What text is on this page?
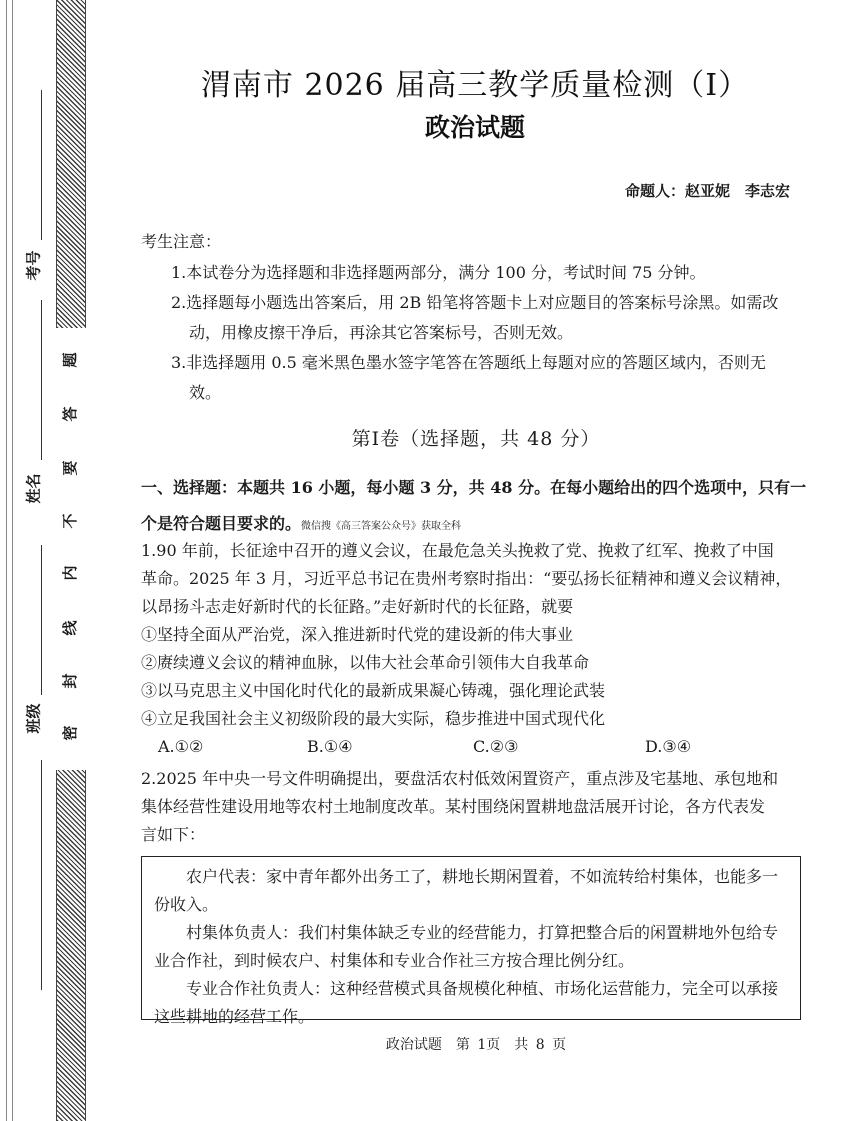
题
答
要
不
内
线
封
密
考号
姓名
班级
渭南市 2026 届高三教学质量检测（Ⅰ）
政治试题
命题人：赵亚妮　李志宏
考生注意：

1.本试卷分为选择题和非选择题两部分，满分 100 分，考试时间 75 分钟。

2.选择题每小题选出答案后，用 2B 铅笔将答题卡上对应题目的答案标号涂黑。如需改

动，用橡皮擦干净后，再涂其它答案标号，否则无效。

3.非选择题用 0.5 毫米黑色墨水签字笔答在答题纸上每题对应的答题区域内，否则无

效。

第Ⅰ卷（选择题，共 48 分）
一、选择题：本题共 16 小题，每小题 3 分，共 48 分。在每小题给出的四个选项中，只有一
个是符合题目要求的。微信搜《高三答案公众号》获取全科
1.90 年前，长征途中召开的遵义会议，在最危急关头挽救了党、挽救了红军、挽救了中国
革命。2025 年 3 月，习近平总书记在贵州考察时指出：“要弘扬长征精神和遵义会议精神，
以昂扬斗志走好新时代的长征路。”走好新时代的长征路，就要
①坚持全面从严治党，深入推进新时代党的建设新的伟大事业
②赓续遵义会议的精神血脉，以伟大社会革命引领伟大自我革命
③以马克思主义中国化时代化的最新成果凝心铸魂，强化理论武装
④立足我国社会主义初级阶段的最大实际，稳步推进中国式现代化
A.①②	B.①④	C.②③	D.③④
2.2025 年中央一号文件明确提出，要盘活农村低效闲置资产，重点涉及宅基地、承包地和
集体经营性建设用地等农村土地制度改革。某村围绕闲置耕地盘活展开讨论，各方代表发
言如下：

农户代表：家中青年都外出务工了，耕地长期闲置着，不如流转给村集体，也能多一份收入。

村集体负责人：我们村集体缺乏专业的经营能力，打算把整合后的闲置耕地外包给专业合作社，到时候农户、村集体和专业合作社三方按合理比例分红。

专业合作社负责人：这种经营模式具备规模化种植、市场化运营能力，完全可以承接这些耕地的经营工作。

政治试题　第 1页　共 8 页
